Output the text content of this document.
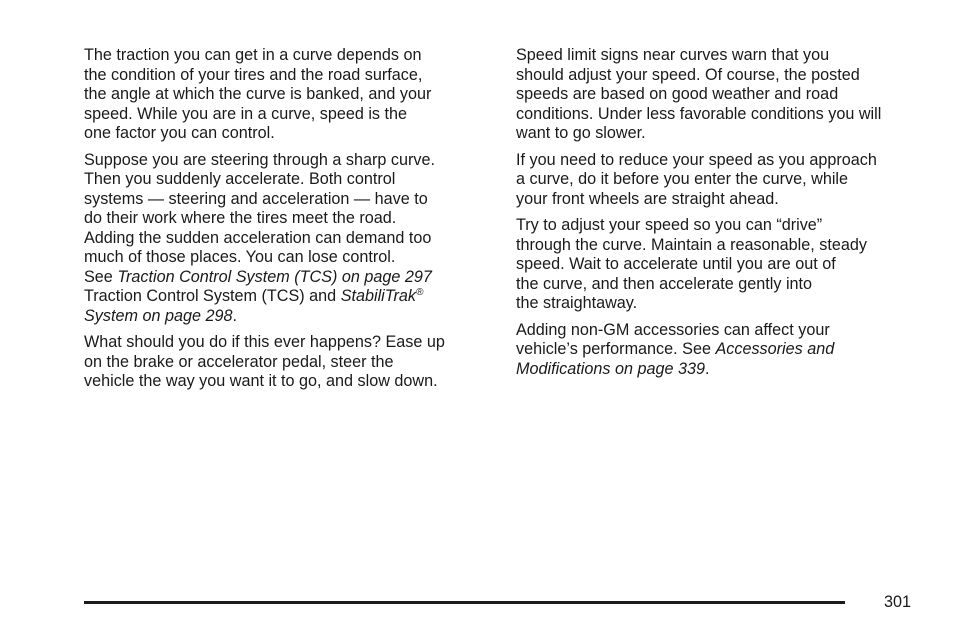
The traction you can get in a curve depends on
the condition of your tires and the road surface,
the angle at which the curve is banked, and your
speed. While you are in a curve, speed is the
one factor you can control.

Suppose you are steering through a sharp curve.
Then you suddenly accelerate. Both control
systems — steering and acceleration — have to
do their work where the tires meet the road.
Adding the sudden acceleration can demand too
much of those places. You can lose control.
See Traction Control System (TCS) on page 297
Traction Control System (TCS) and StabiliTrak®
System on page 298.

What should you do if this ever happens? Ease up
on the brake or accelerator pedal, steer the
vehicle the way you want it to go, and slow down.

Speed limit signs near curves warn that you
should adjust your speed. Of course, the posted
speeds are based on good weather and road
conditions. Under less favorable conditions you will
want to go slower.

If you need to reduce your speed as you approach
a curve, do it before you enter the curve, while
your front wheels are straight ahead.

Try to adjust your speed so you can “drive”
through the curve. Maintain a reasonable, steady
speed. Wait to accelerate until you are out of
the curve, and then accelerate gently into
the straightaway.

Adding non-GM accessories can affect your
vehicle’s performance. See Accessories and
Modifications on page 339.

301
